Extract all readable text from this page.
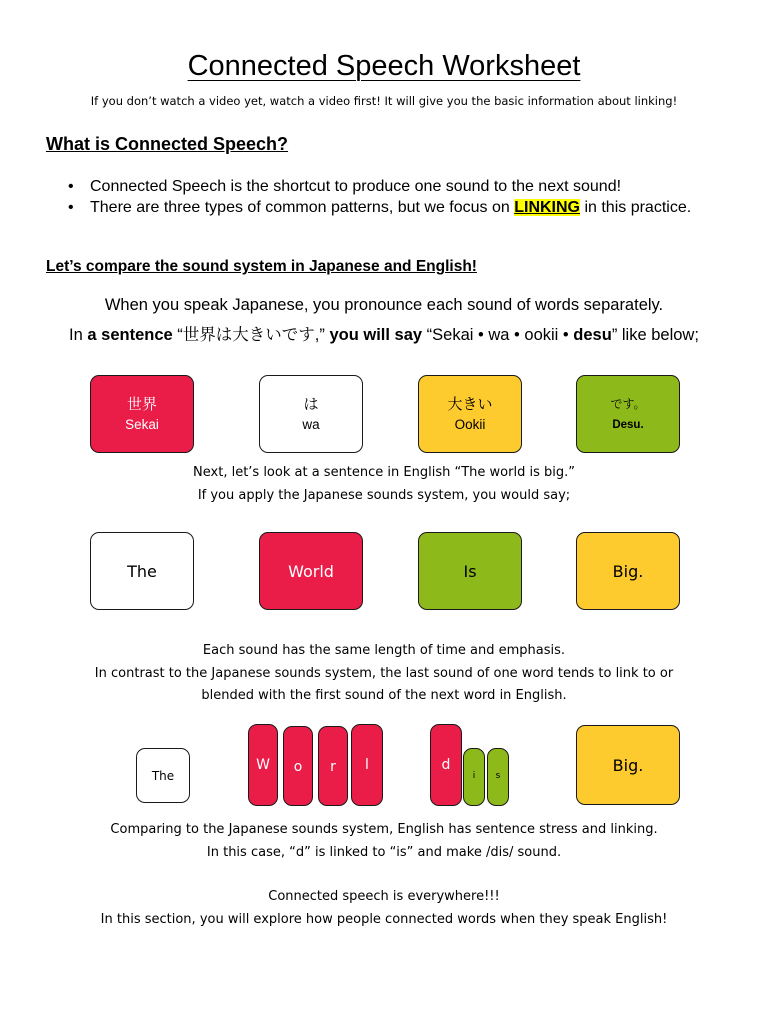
Connected Speech Worksheet
If you don’t watch a video yet, watch a video first! It will give you the basic information about linking!
What is Connected Speech?
• Connected Speech is the shortcut to produce one sound to the next sound!
• There are three types of common patterns, but we focus on LINKING in this practice.
Let’s compare the sound system in Japanese and English!
When you speak Japanese, you pronounce each sound of words separately.
In a sentence “世界は大きいです,” you will say “Sekai • wa • ookii • desu” like below;
世界
Sekai
は
wa
大きい
Ookii
です。
Desu.
Next, let’s look at a sentence in English “The world is big.”
If you apply the Japanese sounds system, you would say;
The	World	Is	Big.
Each sound has the same length of time and emphasis.
In contrast to the Japanese sounds system, the last sound of one word tends to link to or
blended with the first sound of the next word in English.
The
W	o	r	l	d
i	s
Big.
Comparing to the Japanese sounds system, English has sentence stress and linking.
In this case, “d” is linked to “is” and make /dis/ sound.
Connected speech is everywhere!!!
In this section, you will explore how people connected words when they speak English!
